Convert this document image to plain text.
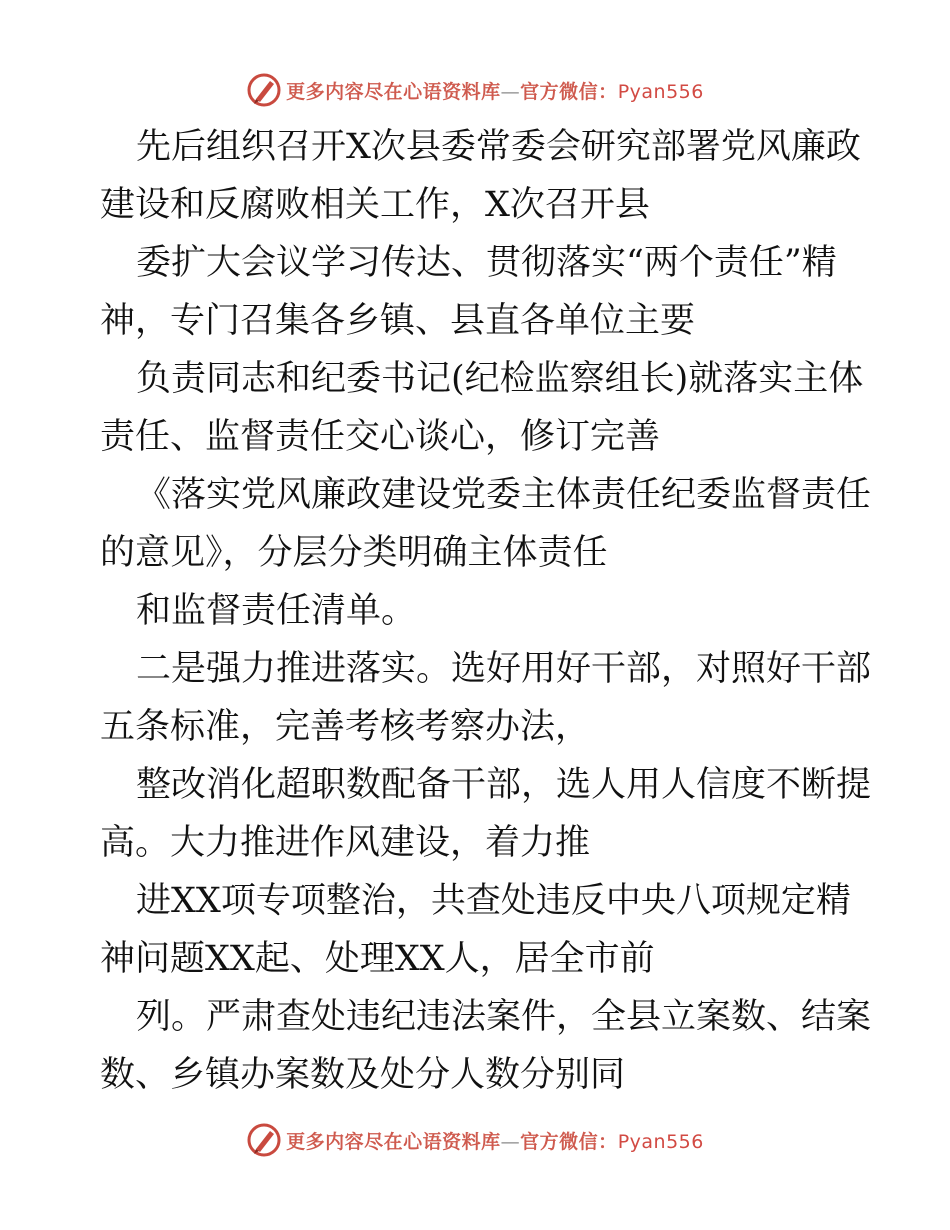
更多内容尽在心语资料库—官方微信：Pyan556
先后组织召开X次县委常委会研究部署党风廉政
建设和反腐败相关工作，X次召开县
委扩大会议学习传达、贯彻落实“两个责任”精
神，专门召集各乡镇、县直各单位主要
负责同志和纪委书记(纪检监察组长)就落实主体
责任、监督责任交心谈心，修订完善
《落实党风廉政建设党委主体责任纪委监督责任
的意见》，分层分类明确主体责任
和监督责任清单。
二是强力推进落实。选好用好干部，对照好干部
五条标准，完善考核考察办法，
整改消化超职数配备干部，选人用人信度不断提
高。大力推进作风建设，着力推
进XX项专项整治，共查处违反中央八项规定精
神问题XX起、处理XX人，居全市前
列。严肃查处违纪违法案件，全县立案数、结案
数、乡镇办案数及处分人数分别同
更多内容尽在心语资料库—官方微信：Pyan556
